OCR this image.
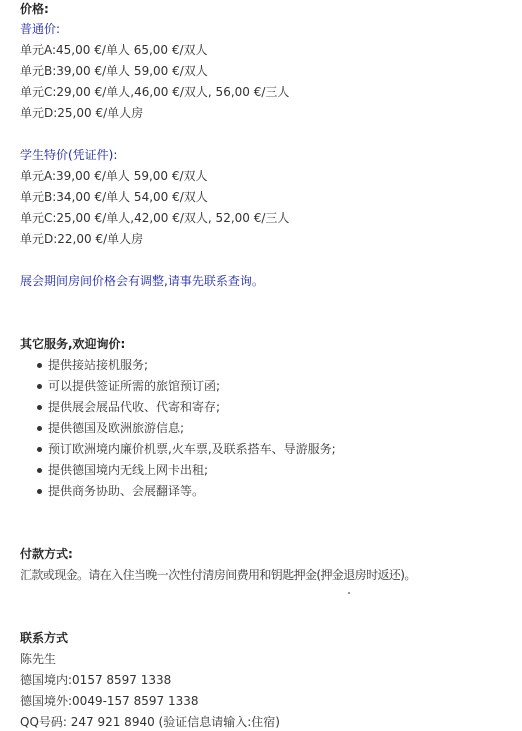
价格:
普通价:
单元A:45,00 €/单人 65,00 €/双人
单元B:39,00 €/单人 59,00 €/双人
单元C:29,00 €/单人,46,00 €/双人, 56,00 €/三人
单元D:25,00 €/单人房
学生特价(凭证件):
单元A:39,00 €/单人 59,00 €/双人
单元B:34,00 €/单人 54,00 €/双人
单元C:25,00 €/单人,42,00 €/双人, 52,00 €/三人
单元D:22,00 €/单人房
展会期间房间价格会有调整,请事先联系查询。
其它服务,欢迎询价:
提供接站接机服务;
可以提供签证所需的旅馆预订函;
提供展会展品代收、代寄和寄存;
提供德国及欧洲旅游信息;
预订欧洲境内廉价机票,火车票,及联系搭车、导游服务;
提供德国境内无线上网卡出租;
提供商务协助、会展翻译等。
付款方式:
汇款或现金。请在入住当晚一次性付清房间费用和钥匙押金(押金退房时返还)。
联系方式
陈先生
德国境内:0157 8597 1338
德国境外:0049-157 8597 1338
QQ号码: 247 921 8940 (验证信息请输入:住宿)
